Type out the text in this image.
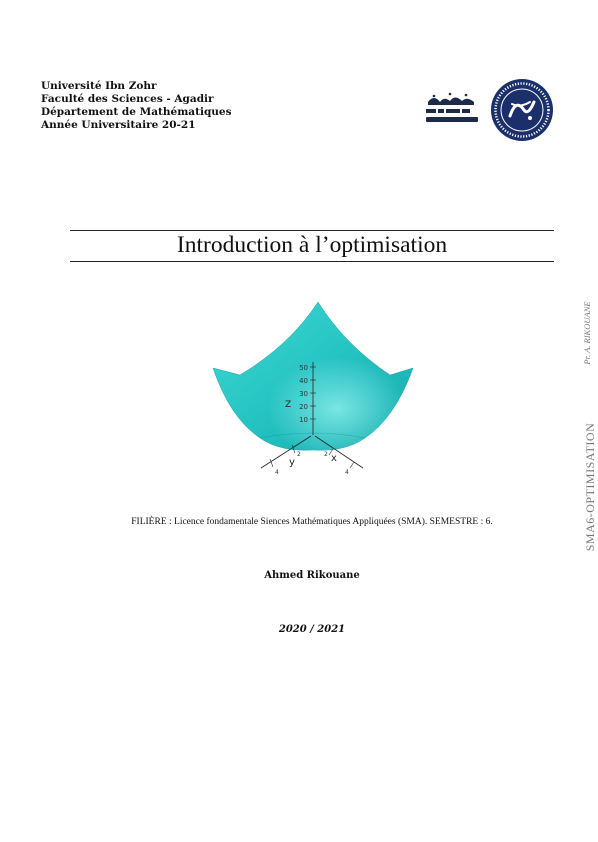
Université Ibn Zohr
Faculté des Sciences - Agadir
Département de Mathématiques
Année Universitaire 20-21
Introduction à l’optimisation
50
40
30
20
10
Z
y
2
4
x
2
4
FILIÈRE : Licence fondamentale Siences Mathématiques Appliquées (SMA). SEMESTRE : 6.
Ahmed Rikouane
2020 / 2021
SMA6-OPTIMISATION
Pr. A. RIKOUANE
